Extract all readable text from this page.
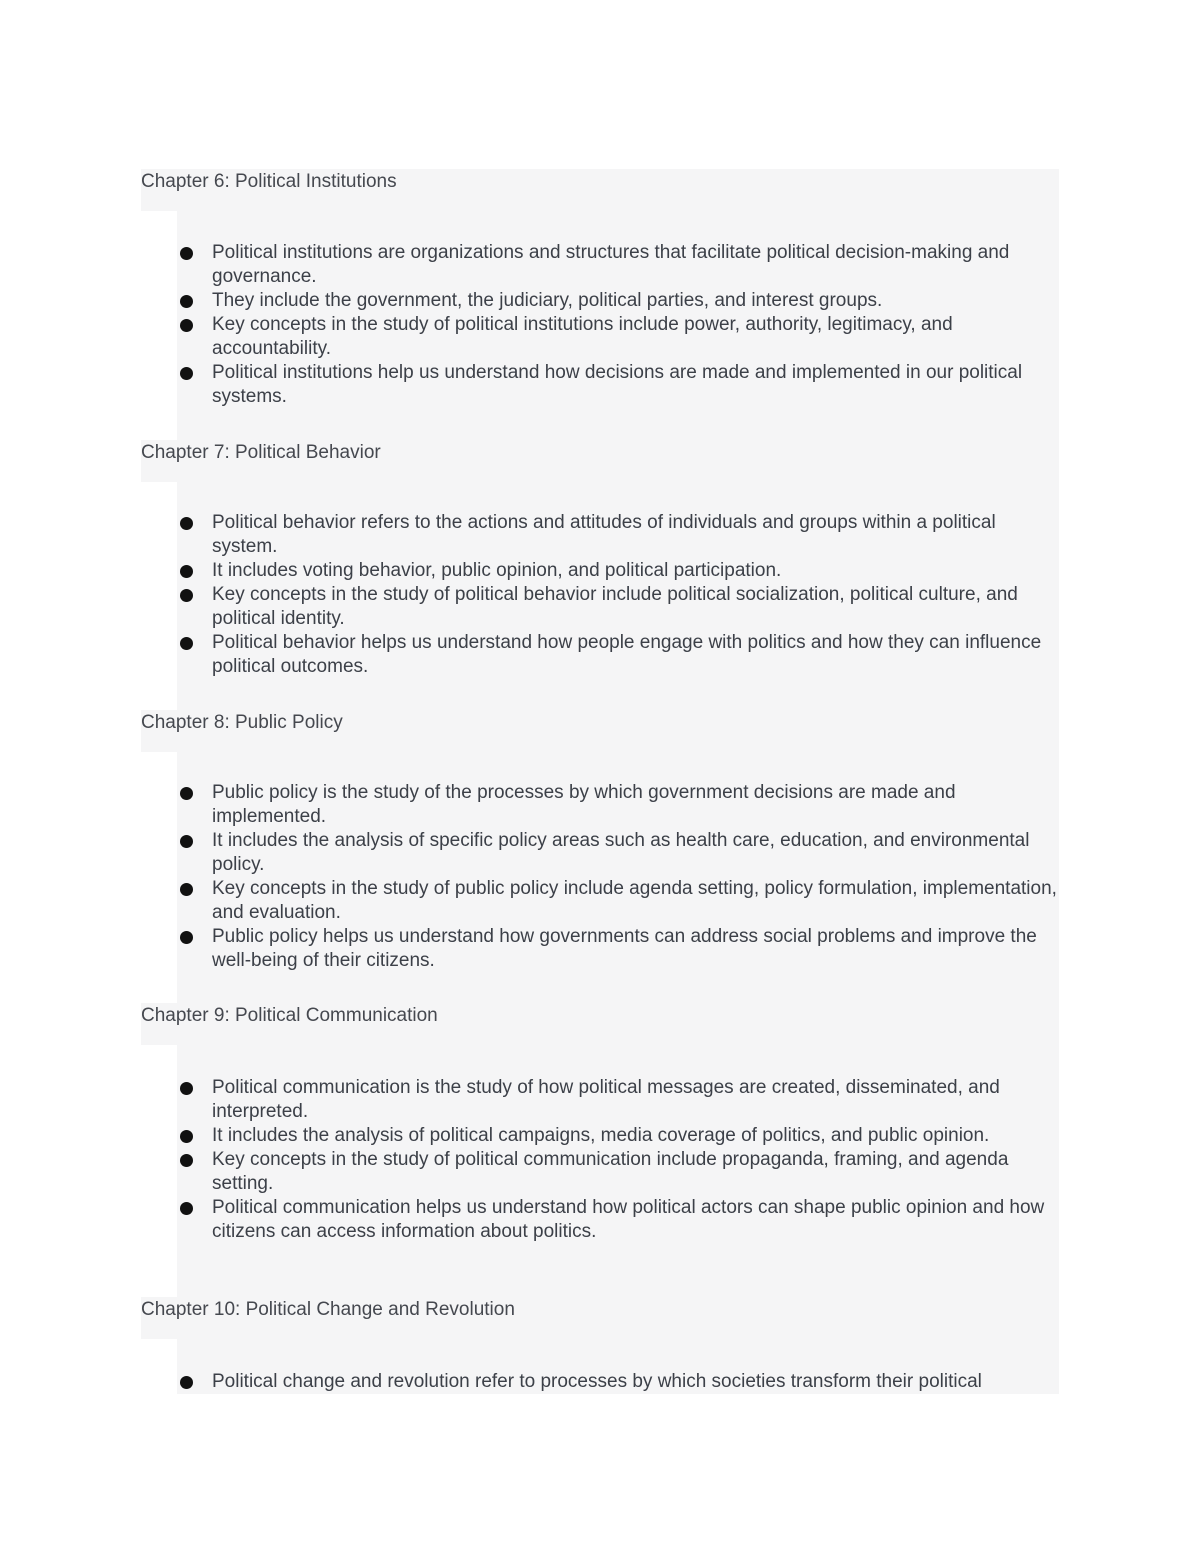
Chapter 6: Political Institutions
Political institutions are organizations and structures that facilitate political decision-making and governance.
They include the government, the judiciary, political parties, and interest groups.
Key concepts in the study of political institutions include power, authority, legitimacy, and accountability.
Political institutions help us understand how decisions are made and implemented in our political systems.
Chapter 7: Political Behavior
Political behavior refers to the actions and attitudes of individuals and groups within a political system.
It includes voting behavior, public opinion, and political participation.
Key concepts in the study of political behavior include political socialization, political culture, and political identity.
Political behavior helps us understand how people engage with politics and how they can influence political outcomes.
Chapter 8: Public Policy
Public policy is the study of the processes by which government decisions are made and implemented.
It includes the analysis of specific policy areas such as health care, education, and environmental policy.
Key concepts in the study of public policy include agenda setting, policy formulation, implementation, and evaluation.
Public policy helps us understand how governments can address social problems and improve the well-being of their citizens.
Chapter 9: Political Communication
Political communication is the study of how political messages are created, disseminated, and interpreted.
It includes the analysis of political campaigns, media coverage of politics, and public opinion.
Key concepts in the study of political communication include propaganda, framing, and agenda setting.
Political communication helps us understand how political actors can shape public opinion and how citizens can access information about politics.
Chapter 10: Political Change and Revolution
Political change and revolution refer to processes by which societies transform their political
